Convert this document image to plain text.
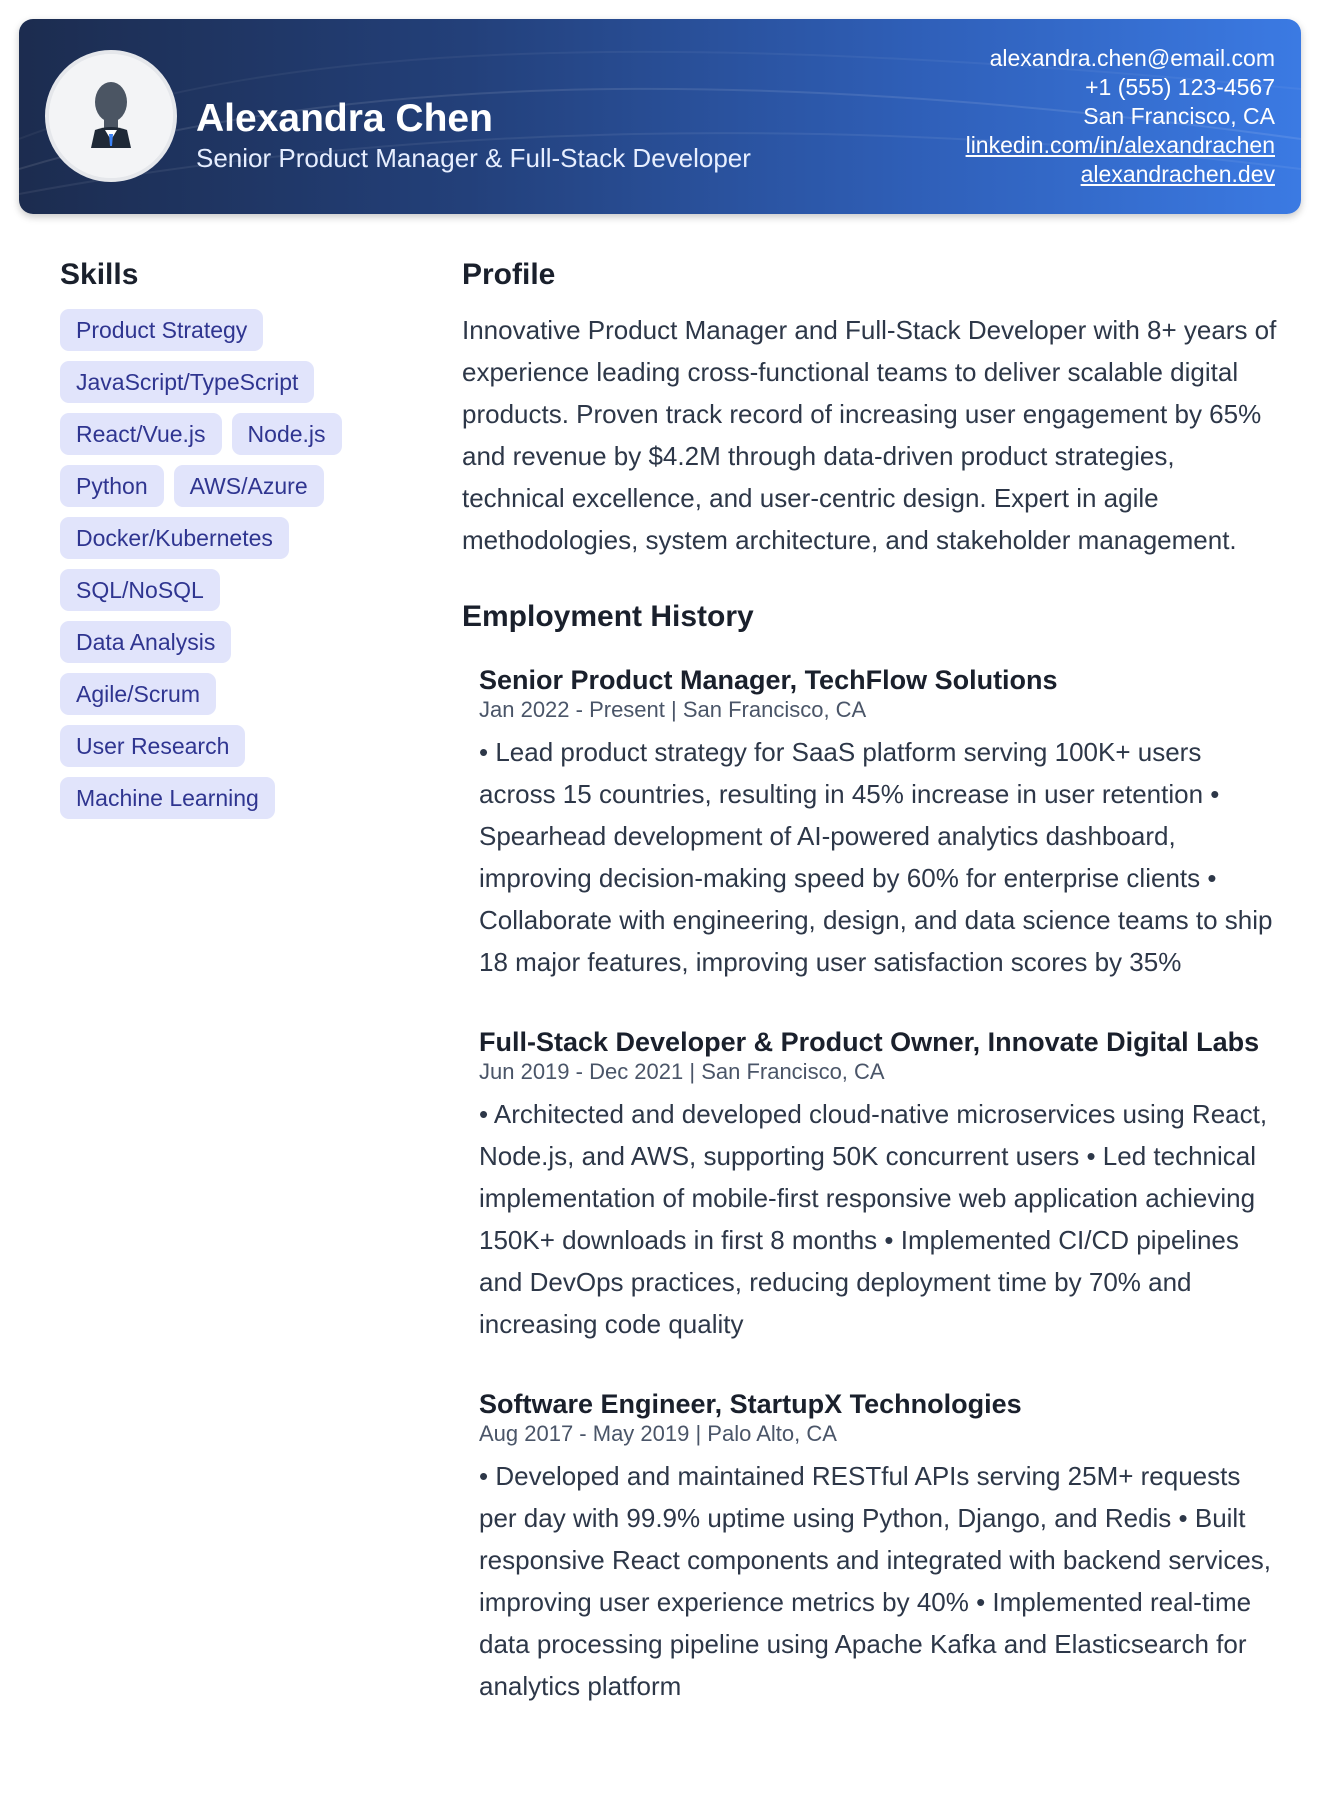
Alexandra Chen
Senior Product Manager & Full-Stack Developer
alexandra.chen@email.com
+1 (555) 123-4567
San Francisco, CA
linkedin.com/in/alexandrachen
alexandrachen.dev
Skills
Product Strategy
JavaScript/TypeScript
React/Vue.js	Node.js
Python	AWS/Azure
Docker/Kubernetes
SQL/NoSQL
Data Analysis
Agile/Scrum
User Research
Machine Learning
Profile

Innovative Product Manager and Full-Stack Developer with 8+ years of experience leading cross-functional teams to deliver scalable digital products. Proven track record of increasing user engagement by 65% and revenue by $4.2M through data-driven product strategies, technical excellence, and user-centric design. Expert in agile methodologies, system architecture, and stakeholder management.

Employment History
Senior Product Manager, TechFlow Solutions
Jan 2022 - Present | San Francisco, CA

• Lead product strategy for SaaS platform serving 100K+ users across 15 countries, resulting in 45% increase in user retention • Spearhead development of AI-powered analytics dashboard, improving decision-making speed by 60% for enterprise clients • Collaborate with engineering, design, and data science teams to ship 18 major features, improving user satisfaction scores by 35%

Full-Stack Developer & Product Owner, Innovate Digital Labs
Jun 2019 - Dec 2021 | San Francisco, CA

• Architected and developed cloud-native microservices using React, Node.js, and AWS, supporting 50K concurrent users • Led technical implementation of mobile-first responsive web application achieving 150K+ downloads in first 8 months • Implemented CI/CD pipelines and DevOps practices, reducing deployment time by 70% and increasing code quality

Software Engineer, StartupX Technologies
Aug 2017 - May 2019 | Palo Alto, CA

• Developed and maintained RESTful APIs serving 25M+ requests per day with 99.9% uptime using Python, Django, and Redis • Built responsive React components and integrated with backend services, improving user experience metrics by 40% • Implemented real-time data processing pipeline using Apache Kafka and Elasticsearch for analytics platform
